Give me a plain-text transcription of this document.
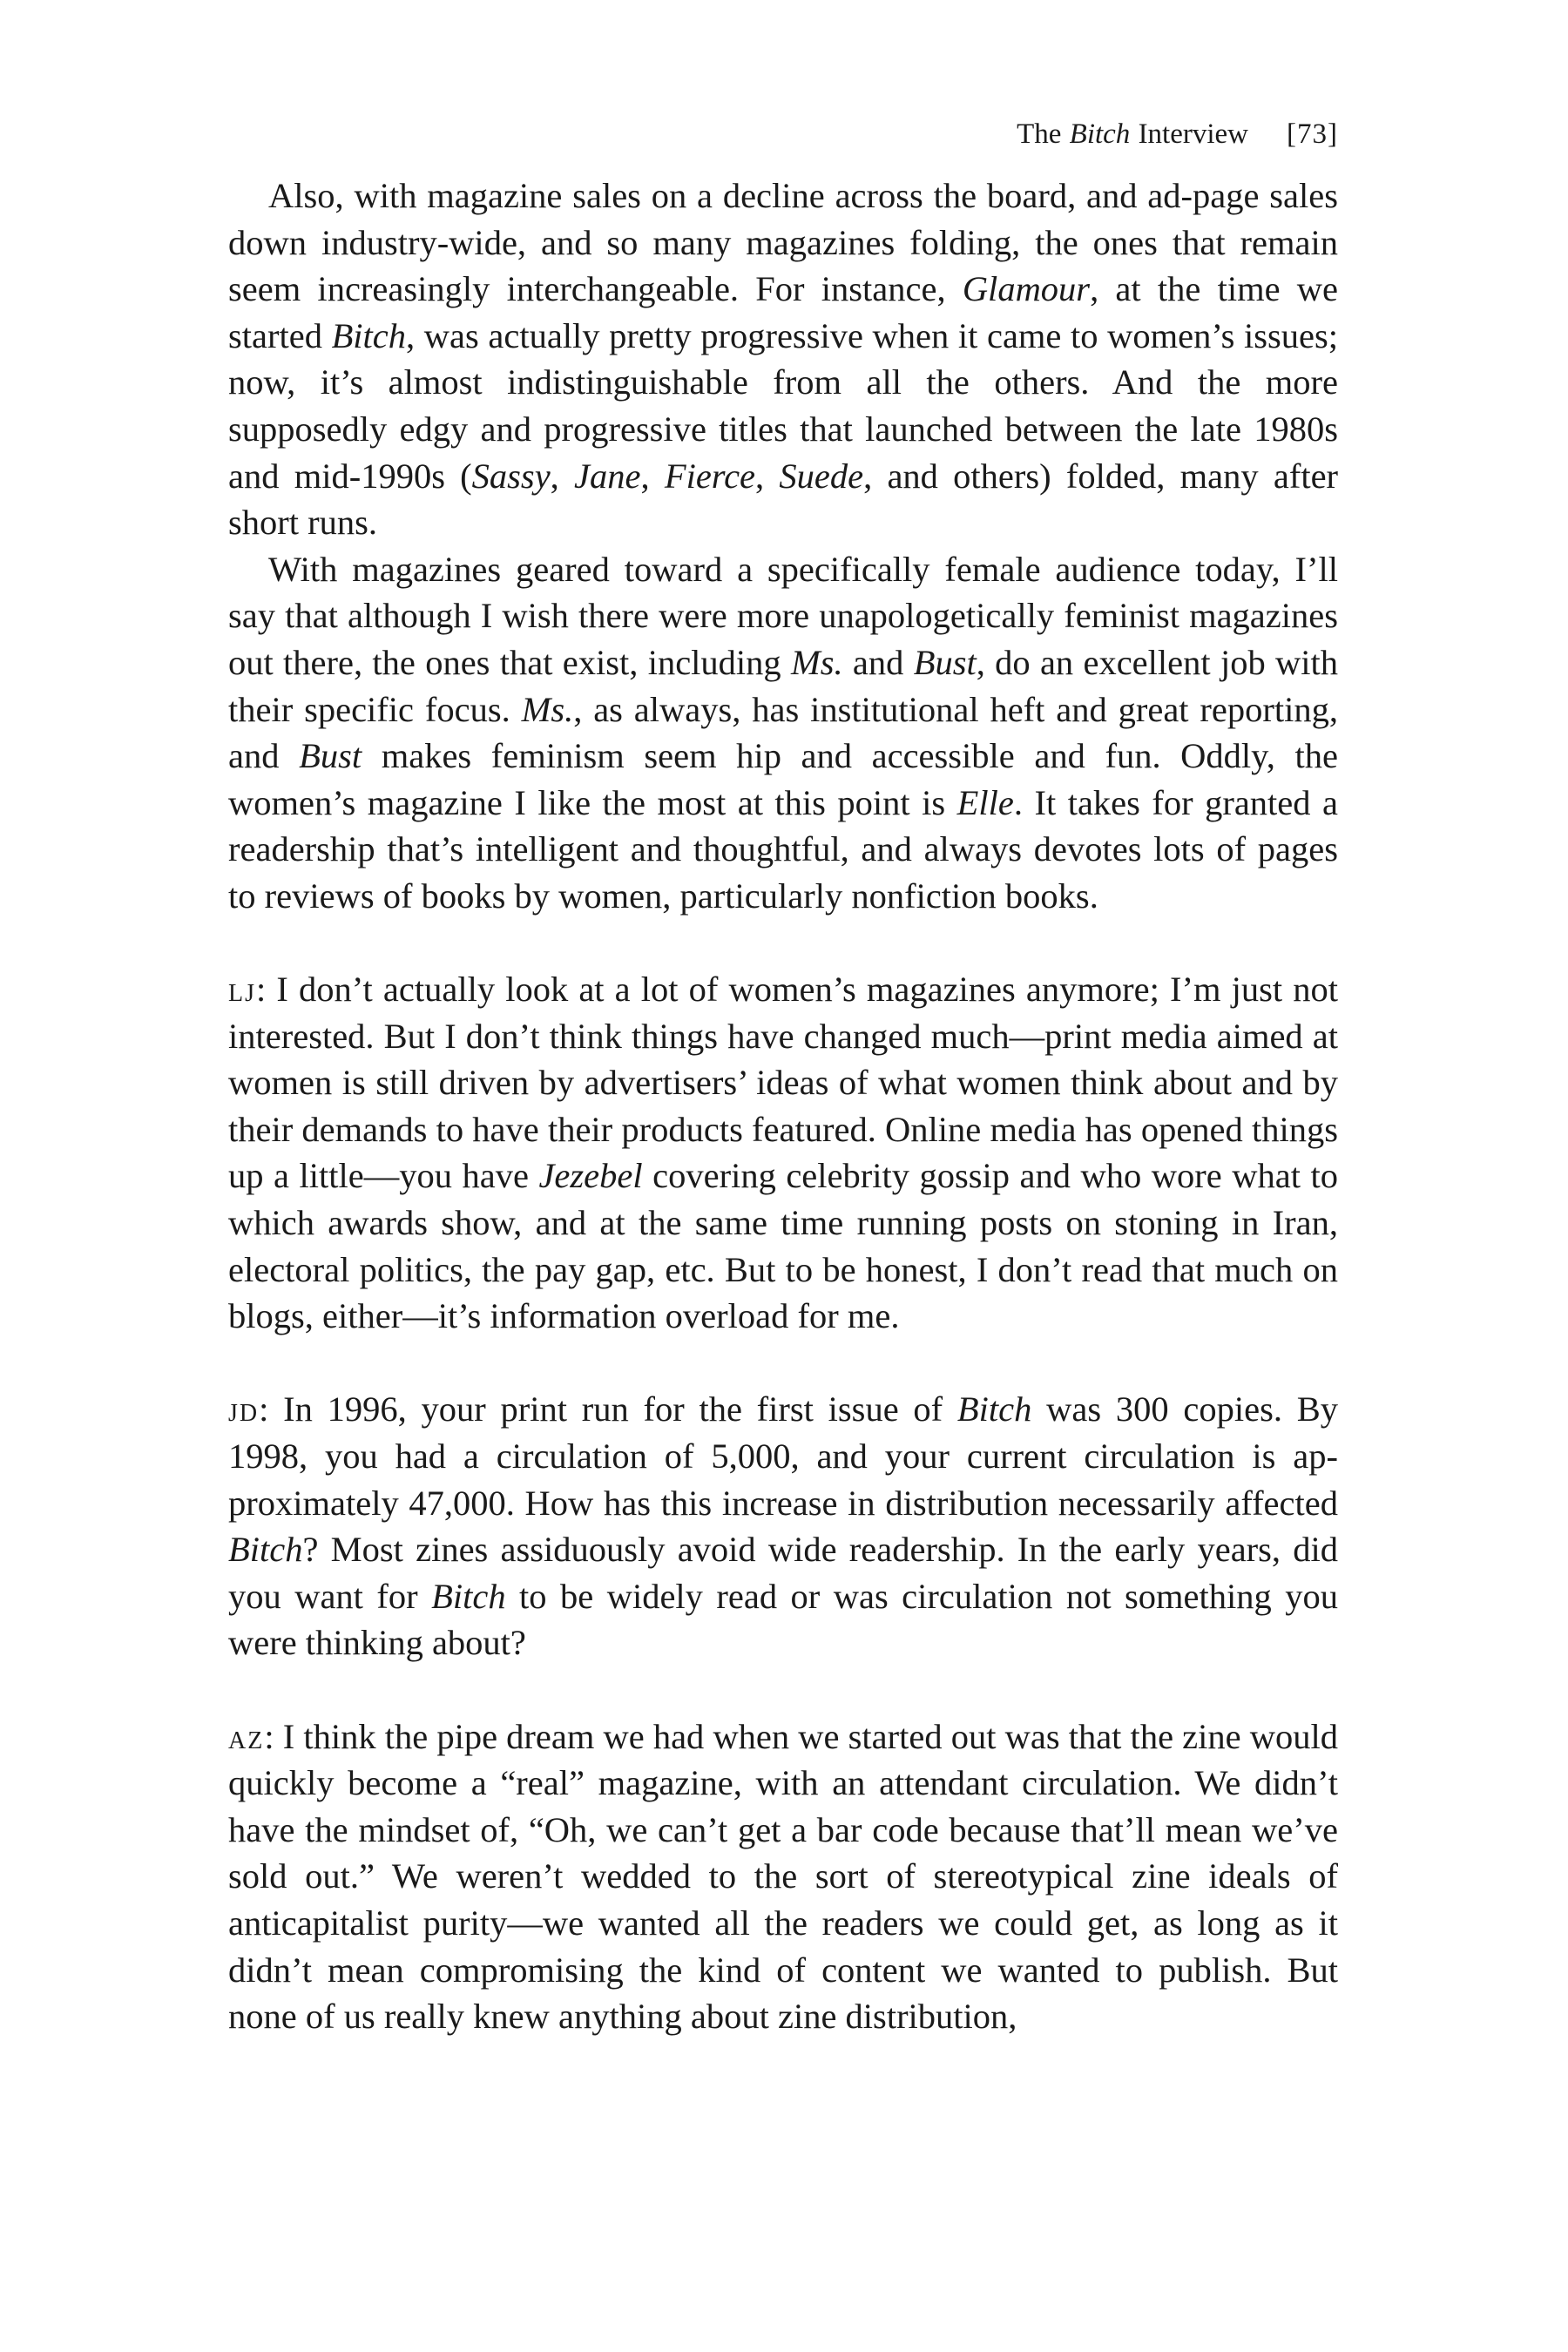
The Bitch Interview [73]

Also, with magazine sales on a decline across the board, and ad-page sales down industry-wide, and so many magazines folding, the ones that remain seem increasingly interchangeable. For instance, Glamour, at the time we started Bitch, was actually pretty progressive when it came to women’s issues; now, it’s almost indistinguishable from all the others. And the more supposedly edgy and progressive titles that launched between the late 1980s and mid-1990s (Sassy, Jane, Fierce, Suede, and others) folded, many after short runs.

With magazines geared toward a specifically female audience today, I’ll say that although I wish there were more unapologetically feminist magazines out there, the ones that exist, including Ms. and Bust, do an excellent job with their specific focus. Ms., as always, has institutional heft and great reporting, and Bust makes feminism seem hip and accessible and fun. Oddly, the women’s magazine I like the most at this point is Elle. It takes for granted a readership that’s intelligent and thoughtful, and always devotes lots of pages to reviews of books by women, particularly nonfiction books.

lj: I don’t actually look at a lot of women’s magazines anymore; I’m just not interested. But I don’t think things have changed much—print media aimed at women is still driven by advertisers’ ideas of what women think about and by their demands to have their products featured. Online media has opened things up a little—you have Jezebel covering celebrity gossip and who wore what to which awards show, and at the same time running posts on stoning in Iran, electoral politics, the pay gap, etc. But to be honest, I don’t read that much on blogs, either—it’s information overload for me.

jd: In 1996, your print run for the first issue of Bitch was 300 copies. By 1998, you had a circulation of 5,000, and your current circulation is approximately 47,000. How has this increase in distribution necessarily affected Bitch? Most zines assiduously avoid wide readership. In the early years, did you want for Bitch to be widely read or was circulation not something you were thinking about?

az: I think the pipe dream we had when we started out was that the zine would quickly become a “real” magazine, with an attendant circulation. We didn’t have the mindset of, “Oh, we can’t get a bar code because that’ll mean we’ve sold out.” We weren’t wedded to the sort of stereotypical zine ideals of anticapitalist purity—we wanted all the readers we could get, as long as it didn’t mean compromising the kind of content we wanted to publish. But none of us really knew anything about zine distribution,
